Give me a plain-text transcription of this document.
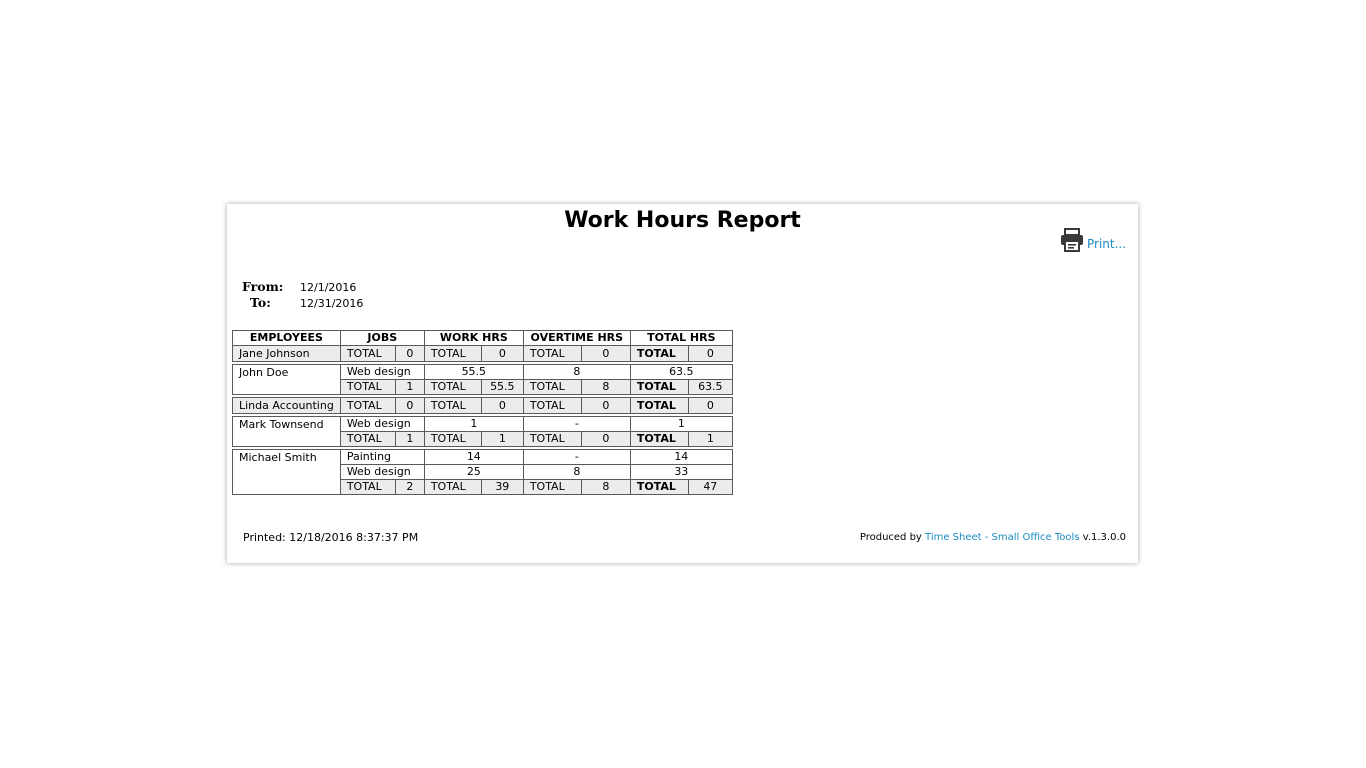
Work Hours Report
Print...
From:	12/1/2016
To:	12/31/2016
EMPLOYEES	JOBS		WORK HRS		OVERTIME HRS		TOTAL HRS	
Jane Johnson	TOTAL	0	TOTAL	0	TOTAL	0	TOTAL	0

John Doe	Web design		55.5		8		63.5	
	TOTAL	1	TOTAL	55.5	TOTAL	8	TOTAL	63.5

Linda Accounting	TOTAL	0	TOTAL	0	TOTAL	0	TOTAL	0

Mark Townsend	Web design		1		-		1	
	TOTAL	1	TOTAL	1	TOTAL	0	TOTAL	1

Michael Smith	Painting		14		-		14	
	Web design		25		8		33	
	TOTAL	2	TOTAL	39	TOTAL	8	TOTAL	47
Printed: 12/18/2016 8:37:37 PM	Produced by Time Sheet - Small Office Tools v.1.3.0.0
